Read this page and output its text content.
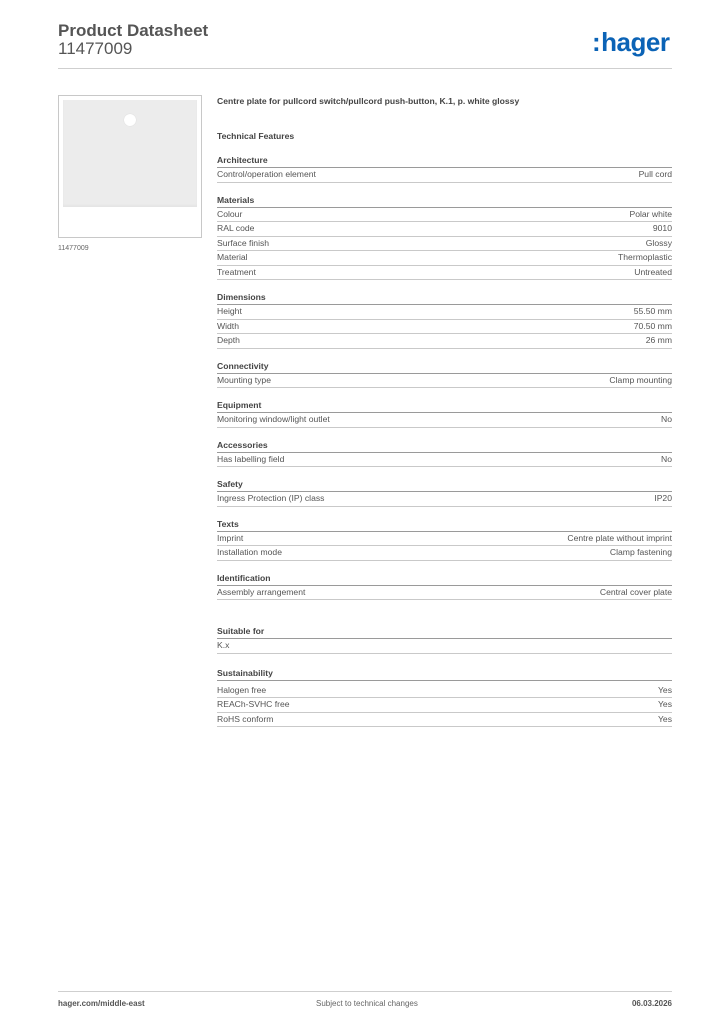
Product Datasheet
11477009	:hager
11477009
Centre plate for pullcord switch/pullcord push-button, K.1, p. white glossy
Technical Features
Architecture
Control/operation element	Pull cord
Materials
Colour	Polar white
RAL code	9010
Surface finish	Glossy
Material	Thermoplastic
Treatment	Untreated
Dimensions
Height	55.50 mm
Width	70.50 mm
Depth	26 mm
Connectivity
Mounting type	Clamp mounting
Equipment
Monitoring window/light outlet	No
Accessories
Has labelling field	No
Safety
Ingress Protection (IP) class	IP20
Texts
Imprint	Centre plate without imprint
Installation mode	Clamp fastening
Identification
Assembly arrangement	Central cover plate
Suitable for
K.x
Sustainability
Halogen free	Yes
REACh-SVHC free	Yes
RoHS conform	Yes
hager.com/middle-east	Subject to technical changes	06.03.2026
